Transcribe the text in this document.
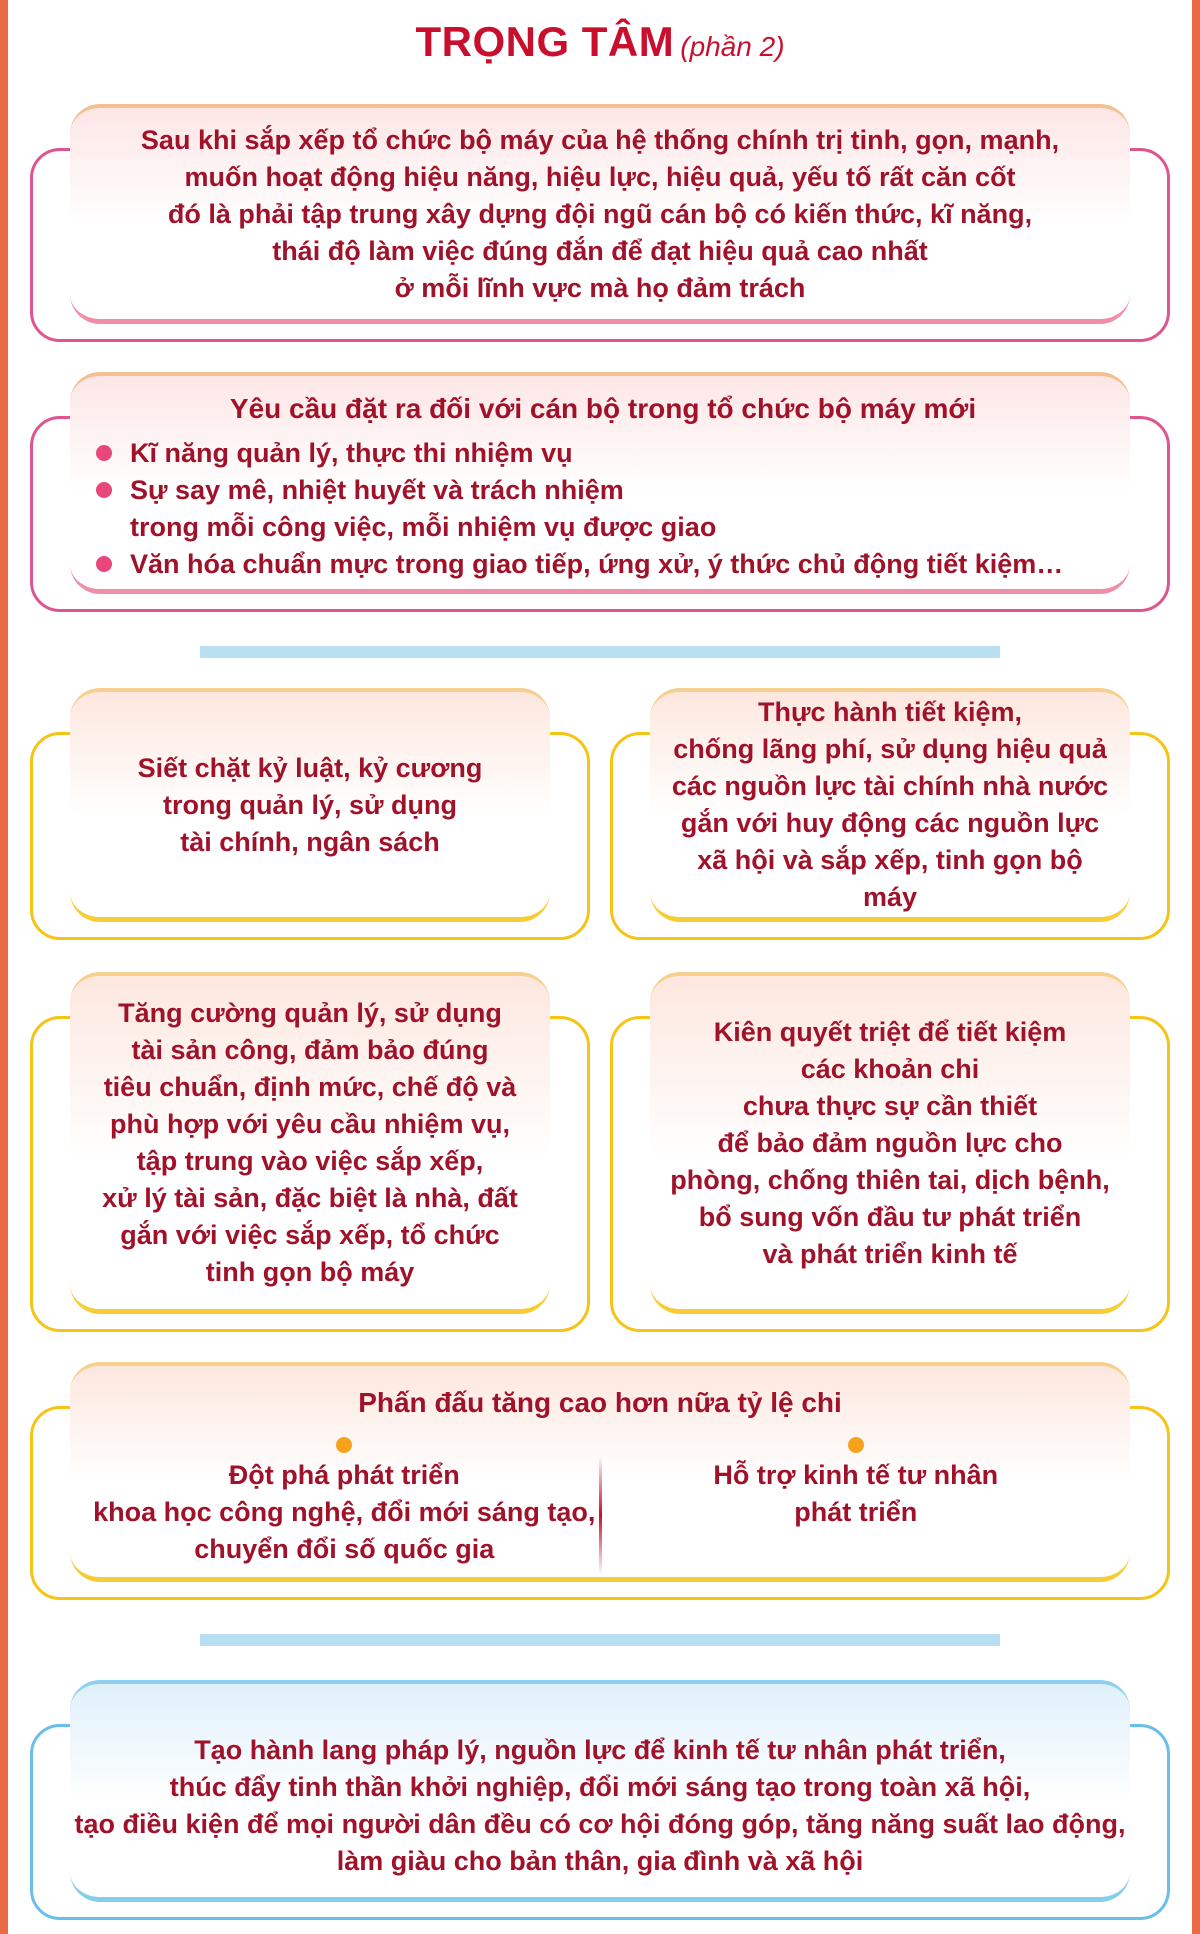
TRỌNG TÂM (phần 2)
Sau khi sắp xếp tổ chức bộ máy của hệ thống chính trị tinh, gọn, mạnh,
muốn hoạt động hiệu năng, hiệu lực, hiệu quả, yếu tố rất căn cốt
đó là phải tập trung xây dựng đội ngũ cán bộ có kiến thức, kĩ năng,
thái độ làm việc đúng đắn để đạt hiệu quả cao nhất
ở mỗi lĩnh vực mà họ đảm trách
Yêu cầu đặt ra đối với cán bộ trong tổ chức bộ máy mới
Kĩ năng quản lý, thực thi nhiệm vụ
Sự say mê, nhiệt huyết và trách nhiệm
trong mỗi công việc, mỗi nhiệm vụ được giao
Văn hóa chuẩn mực trong giao tiếp, ứng xử, ý thức chủ động tiết kiệm…
Siết chặt kỷ luật, kỷ cương
trong quản lý, sử dụng
tài chính, ngân sách
Thực hành tiết kiệm,
chống lãng phí, sử dụng hiệu quả
các nguồn lực tài chính nhà nước
gắn với huy động các nguồn lực
xã hội và sắp xếp, tinh gọn bộ máy
Tăng cường quản lý, sử dụng
tài sản công, đảm bảo đúng
tiêu chuẩn, định mức, chế độ và
phù hợp với yêu cầu nhiệm vụ,
tập trung vào việc sắp xếp,
xử lý tài sản, đặc biệt là nhà, đất
gắn với việc sắp xếp, tổ chức
tinh gọn bộ máy
Kiên quyết triệt để tiết kiệm
các khoản chi
chưa thực sự cần thiết
để bảo đảm nguồn lực cho
phòng, chống thiên tai, dịch bệnh,
bổ sung vốn đầu tư phát triển
và phát triển kinh tế
Phấn đấu tăng cao hơn nữa tỷ lệ chi
Đột phá phát triển
khoa học công nghệ, đổi mới sáng tạo,
chuyển đổi số quốc gia
Hỗ trợ kinh tế tư nhân
phát triển
Tạo hành lang pháp lý, nguồn lực để kinh tế tư nhân phát triển,
thúc đẩy tinh thần khởi nghiệp, đổi mới sáng tạo trong toàn xã hội,
tạo điều kiện để mọi người dân đều có cơ hội đóng góp, tăng năng suất lao động,
làm giàu cho bản thân, gia đình và xã hội
